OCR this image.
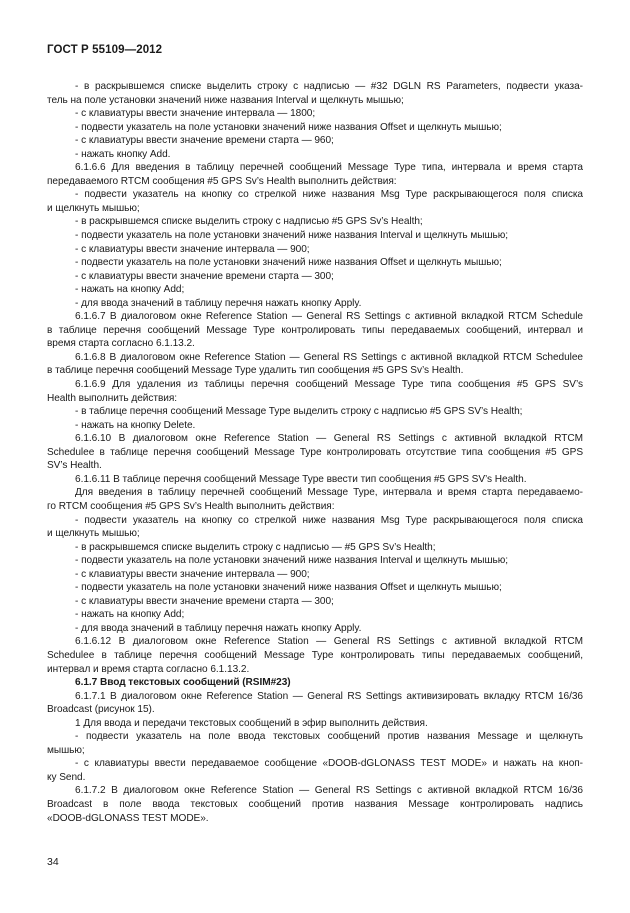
ГОСТ Р 55109—2012
- в раскрывшемся списке выделить строку с надписью — #32 DGLN RS Parameters, подвести указа-
тель на поле установки значений ниже названия Interval и щелкнуть мышью;
- с клавиатуры ввести значение интервала — 1800;
- подвести указатель на поле установки значений ниже названия Offset и щелкнуть мышью;
- с клавиатуры ввести значение времени старта — 960;
- нажать кнопку Add.
6.1.6.6 Для введения в таблицу перечней сообщений Message Type типа, интервала и время старта
передаваемого RTCM сообщения #5 GPS Sv’s Health выполнить действия:
- подвести указатель на кнопку со стрелкой ниже названия Msg Type раскрывающегося поля списка
и щелкнуть мышью;
- в раскрывшемся списке выделить строку с надписью #5 GPS Sv’s Health;
- подвести указатель на поле установки значений ниже названия Interval и щелкнуть мышью;
- с клавиатуры ввести значение интервала — 900;
- подвести указатель на поле установки значений ниже названия Offset и щелкнуть мышью;
- с клавиатуры ввести значение времени старта — 300;
- нажать на кнопку Add;
- для ввода значений в таблицу перечня нажать кнопку Apply.
6.1.6.7 В диалоговом окне Reference Station — General RS Settings с активной вкладкой RTCM Schedule
в таблице перечня сообщений Message Type контролировать типы передаваемых сообщений, интервал и
время старта согласно 6.1.13.2.
6.1.6.8 В диалоговом окне Reference Station — General RS Settings с активной вкладкой RTCM Schedulee
в таблице перечня сообщений Message Type удалить тип сообщения #5 GPS Sv’s Health.
6.1.6.9 Для удаления из таблицы перечня сообщений Message Type типа сообщения #5 GPS SV’s
Health выполнить действия:
- в таблице перечня сообщений Message Type выделить строку с надписью #5 GPS SV’s Health;
- нажать на кнопку Delete.
6.1.6.10 В диалоговом окне Reference Station — General RS Settings с активной вкладкой RTCM
Schedulee в таблице перечня сообщений Message Type контролировать отсутствие типа сообщения #5 GPS
SV’s Health.
6.1.6.11 В таблице перечня сообщений Message Type ввести тип сообщения #5 GPS SV’s Health.
Для введения в таблицу перечней сообщений Message Type, интервала и время старта передаваемо-
го RTCM сообщения #5 GPS Sv’s Health выполнить действия:
- подвести указатель на кнопку со стрелкой ниже названия Msg Type раскрывающегося поля списка
и щелкнуть мышью;
- в раскрывшемся списке выделить строку с надписью — #5 GPS Sv’s Health;
- подвести указатель на поле установки значений ниже названия Interval и щелкнуть мышью;
- с клавиатуры ввести значение интервала — 900;
- подвести указатель на поле установки значений ниже названия Offset и щелкнуть мышью;
- с клавиатуры ввести значение времени старта — 300;
- нажать на кнопку Add;
- для ввода значений в таблицу перечня нажать кнопку Apply.
6.1.6.12 В диалоговом окне Reference Station — General RS Settings с активной вкладкой RTCM
Schedulee в таблице перечня сообщений Message Type контролировать типы передаваемых сообщений,
интервал и время старта согласно 6.1.13.2.
6.1.7 Ввод текстовых сообщений (RSIM#23)
6.1.7.1 В диалоговом окне Reference Station — General RS Settings активизировать вкладку RTCM 16/36
Broadcast (рисунок 15).
1 Для ввода и передачи текстовых сообщений в эфир выполнить действия.
- подвести указатель на поле ввода текстовых сообщений против названия Message и щелкнуть
мышью;
- с клавиатуры ввести передаваемое сообщение «DOOB-dGLONASS TEST MODE» и нажать на кноп-
ку Send.
6.1.7.2 В диалоговом окне Reference Station — General RS Settings с активной вкладкой RTCM 16/36
Broadcast в поле ввода текстовых сообщений против названия Message контролировать надпись
«DOOB-dGLONASS TEST MODE».
34
